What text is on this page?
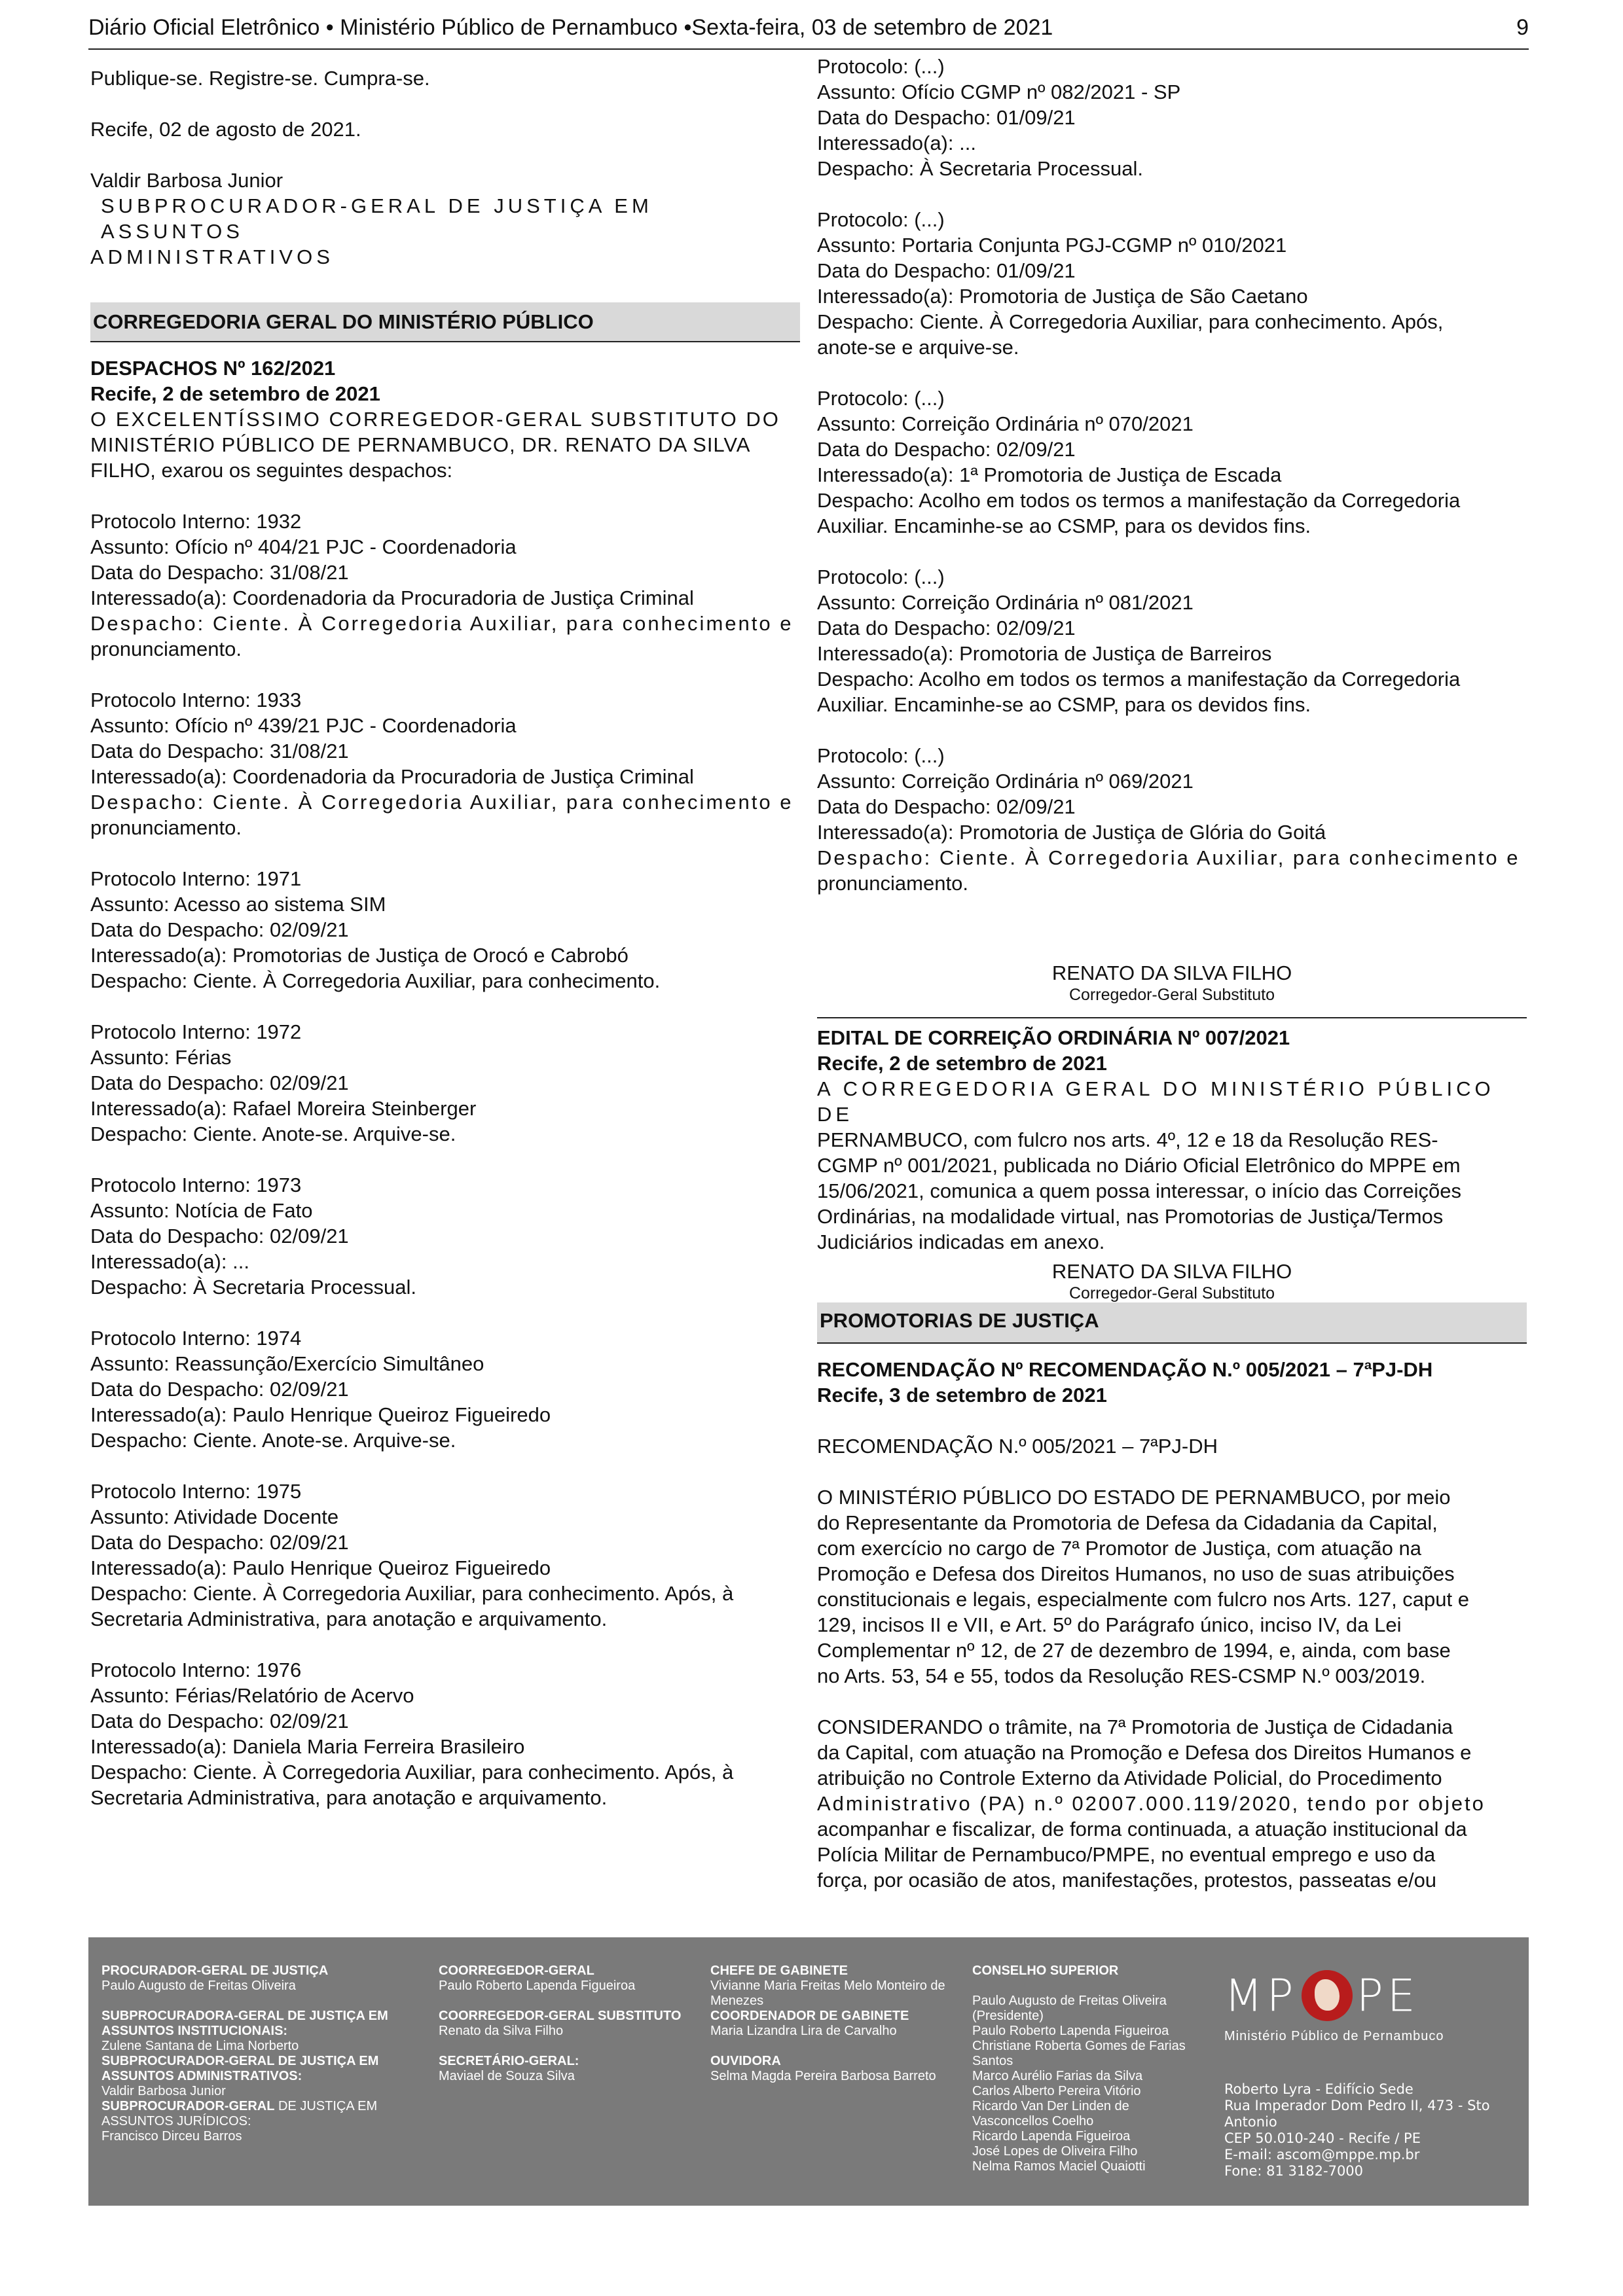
Diário Oficial Eletrônico • Ministério Público de Pernambuco •Sexta-feira, 03 de setembro de 2021	9

Publique-se. Registre-se. Cumpra-se.

Recife, 02 de agosto de 2021.

Valdir Barbosa Junior

SUBPROCURADOR-GERAL DE JUSTIÇA EM ASSUNTOS

ADMINISTRATIVOS

CORREGEDORIA GERAL DO MINISTÉRIO PÚBLICO

DESPACHOS Nº 162/2021

Recife, 2 de setembro de 2021

O EXCELENTÍSSIMO CORREGEDOR-GERAL SUBSTITUTO DO

MINISTÉRIO PÚBLICO DE PERNAMBUCO, DR. RENATO DA SILVA

FILHO, exarou os seguintes despachos:

Protocolo Interno: 1932

Assunto: Ofício nº 404/21 PJC - Coordenadoria

Data do Despacho: 31/08/21

Interessado(a): Coordenadoria da Procuradoria de Justiça Criminal

Despacho: Ciente. À Corregedoria Auxiliar, para conhecimento e

pronunciamento.

Protocolo Interno: 1933

Assunto: Ofício nº 439/21 PJC - Coordenadoria

Data do Despacho: 31/08/21

Interessado(a): Coordenadoria da Procuradoria de Justiça Criminal

Despacho: Ciente. À Corregedoria Auxiliar, para conhecimento e

pronunciamento.

Protocolo Interno: 1971

Assunto: Acesso ao sistema SIM

Data do Despacho: 02/09/21

Interessado(a): Promotorias de Justiça de Orocó e Cabrobó

Despacho: Ciente. À Corregedoria Auxiliar, para conhecimento.

Protocolo Interno: 1972

Assunto: Férias

Data do Despacho: 02/09/21

Interessado(a): Rafael Moreira Steinberger

Despacho: Ciente. Anote-se. Arquive-se.

Protocolo Interno: 1973

Assunto: Notícia de Fato

Data do Despacho: 02/09/21

Interessado(a): ...

Despacho: À Secretaria Processual.

Protocolo Interno: 1974

Assunto: Reassunção/Exercício Simultâneo

Data do Despacho: 02/09/21

Interessado(a): Paulo Henrique Queiroz Figueiredo

Despacho: Ciente. Anote-se. Arquive-se.

Protocolo Interno: 1975

Assunto: Atividade Docente

Data do Despacho: 02/09/21

Interessado(a): Paulo Henrique Queiroz Figueiredo

Despacho: Ciente. À Corregedoria Auxiliar, para conhecimento. Após, à

Secretaria Administrativa, para anotação e arquivamento.

Protocolo Interno: 1976

Assunto: Férias/Relatório de Acervo

Data do Despacho: 02/09/21

Interessado(a): Daniela Maria Ferreira Brasileiro

Despacho: Ciente. À Corregedoria Auxiliar, para conhecimento. Após, à

Secretaria Administrativa, para anotação e arquivamento.

Protocolo: (...)

Assunto: Ofício CGMP nº 082/2021 - SP

Data do Despacho: 01/09/21

Interessado(a): ...

Despacho: À Secretaria Processual.

Protocolo: (...)

Assunto: Portaria Conjunta PGJ-CGMP nº 010/2021

Data do Despacho: 01/09/21

Interessado(a): Promotoria de Justiça de São Caetano

Despacho: Ciente. À Corregedoria Auxiliar, para conhecimento. Após,

anote-se e arquive-se.

Protocolo: (...)

Assunto: Correição Ordinária nº 070/2021

Data do Despacho: 02/09/21

Interessado(a): 1ª Promotoria de Justiça de Escada

Despacho: Acolho em todos os termos a manifestação da Corregedoria

Auxiliar. Encaminhe-se ao CSMP, para os devidos fins.

Protocolo: (...)

Assunto: Correição Ordinária nº 081/2021

Data do Despacho: 02/09/21

Interessado(a): Promotoria de Justiça de Barreiros

Despacho: Acolho em todos os termos a manifestação da Corregedoria

Auxiliar. Encaminhe-se ao CSMP, para os devidos fins.

Protocolo: (...)

Assunto: Correição Ordinária nº 069/2021

Data do Despacho: 02/09/21

Interessado(a): Promotoria de Justiça de Glória do Goitá

Despacho: Ciente. À Corregedoria Auxiliar, para conhecimento e

pronunciamento.

RENATO DA SILVA FILHO

Corregedor-Geral Substituto

EDITAL DE CORREIÇÃO ORDINÁRIA Nº 007/2021

Recife, 2 de setembro de 2021

A CORREGEDORIA GERAL DO MINISTÉRIO PÚBLICO DE

PERNAMBUCO, com fulcro nos arts. 4º, 12 e 18 da Resolução RES-

CGMP nº 001/2021, publicada no Diário Oficial Eletrônico do MPPE em

15/06/2021, comunica a quem possa interessar, o início das Correições

Ordinárias, na modalidade virtual, nas Promotorias de Justiça/Termos

Judiciários indicadas em anexo.

RENATO DA SILVA FILHO

Corregedor-Geral Substituto

PROMOTORIAS DE JUSTIÇA

RECOMENDAÇÃO Nº RECOMENDAÇÃO N.º 005/2021 – 7ªPJ-DH

Recife, 3 de setembro de 2021

RECOMENDAÇÃO N.º 005/2021 – 7ªPJ-DH

O MINISTÉRIO PÚBLICO DO ESTADO DE PERNAMBUCO, por meio

do Representante da Promotoria de Defesa da Cidadania da Capital,

com exercício no cargo de 7ª Promotor de Justiça, com atuação na

Promoção e Defesa dos Direitos Humanos, no uso de suas atribuições

constitucionais e legais, especialmente com fulcro nos Arts. 127, caput e

129, incisos II e VII, e Art. 5º do Parágrafo único, inciso IV, da Lei

Complementar nº 12, de 27 de dezembro de 1994, e, ainda, com base

no Arts. 53, 54 e 55, todos da Resolução RES-CSMP N.º 003/2019.

CONSIDERANDO o trâmite, na 7ª Promotoria de Justiça de Cidadania

da Capital, com atuação na Promoção e Defesa dos Direitos Humanos e

atribuição no Controle Externo da Atividade Policial, do Procedimento

Administrativo (PA) n.º 02007.000.119/2020, tendo por objeto

acompanhar e fiscalizar, de forma continuada, a atuação institucional da

Polícia Militar de Pernambuco/PMPE, no eventual emprego e uso da

força, por ocasião de atos, manifestações, protestos, passeatas e/ou

PROCURADOR-GERAL DE JUSTIÇA

Paulo Augusto de Freitas Oliveira

SUBPROCURADORA-GERAL DE JUSTIÇA EM

ASSUNTOS INSTITUCIONAIS:

Zulene Santana de Lima Norberto

SUBPROCURADOR-GERAL DE JUSTIÇA EM

ASSUNTOS ADMINISTRATIVOS:

Valdir Barbosa Junior

SUBPROCURADOR-GERAL DE JUSTIÇA EM

ASSUNTOS JURÍDICOS:

Francisco Dirceu Barros

COORREGEDOR-GERAL

Paulo Roberto Lapenda Figueiroa

COORREGEDOR-GERAL SUBSTITUTO

Renato da Silva Filho

SECRETÁRIO-GERAL:

Maviael de Souza Silva

CHEFE DE GABINETE

Vivianne Maria Freitas Melo Monteiro de

Menezes

COORDENADOR DE GABINETE

Maria Lizandra Lira de Carvalho

OUVIDORA

Selma Magda Pereira Barbosa Barreto

CONSELHO SUPERIOR

Paulo Augusto de Freitas Oliveira

(Presidente)

Paulo Roberto Lapenda Figueiroa

Christiane Roberta Gomes de Farias

Santos

Marco Aurélio Farias da Silva

Carlos Alberto Pereira Vitório

Ricardo Van Der Linden de

Vasconcellos Coelho

Ricardo Lapenda Figueiroa

José Lopes de Oliveira Filho

Nelma Ramos Maciel Quaiotti

MP PE
Ministério Público de Pernambuco

Roberto Lyra - Edifício Sede

Rua Imperador Dom Pedro II, 473 - Sto Antonio

CEP 50.010-240 - Recife / PE

E-mail: ascom@mppe.mp.br

Fone: 81 3182-7000
